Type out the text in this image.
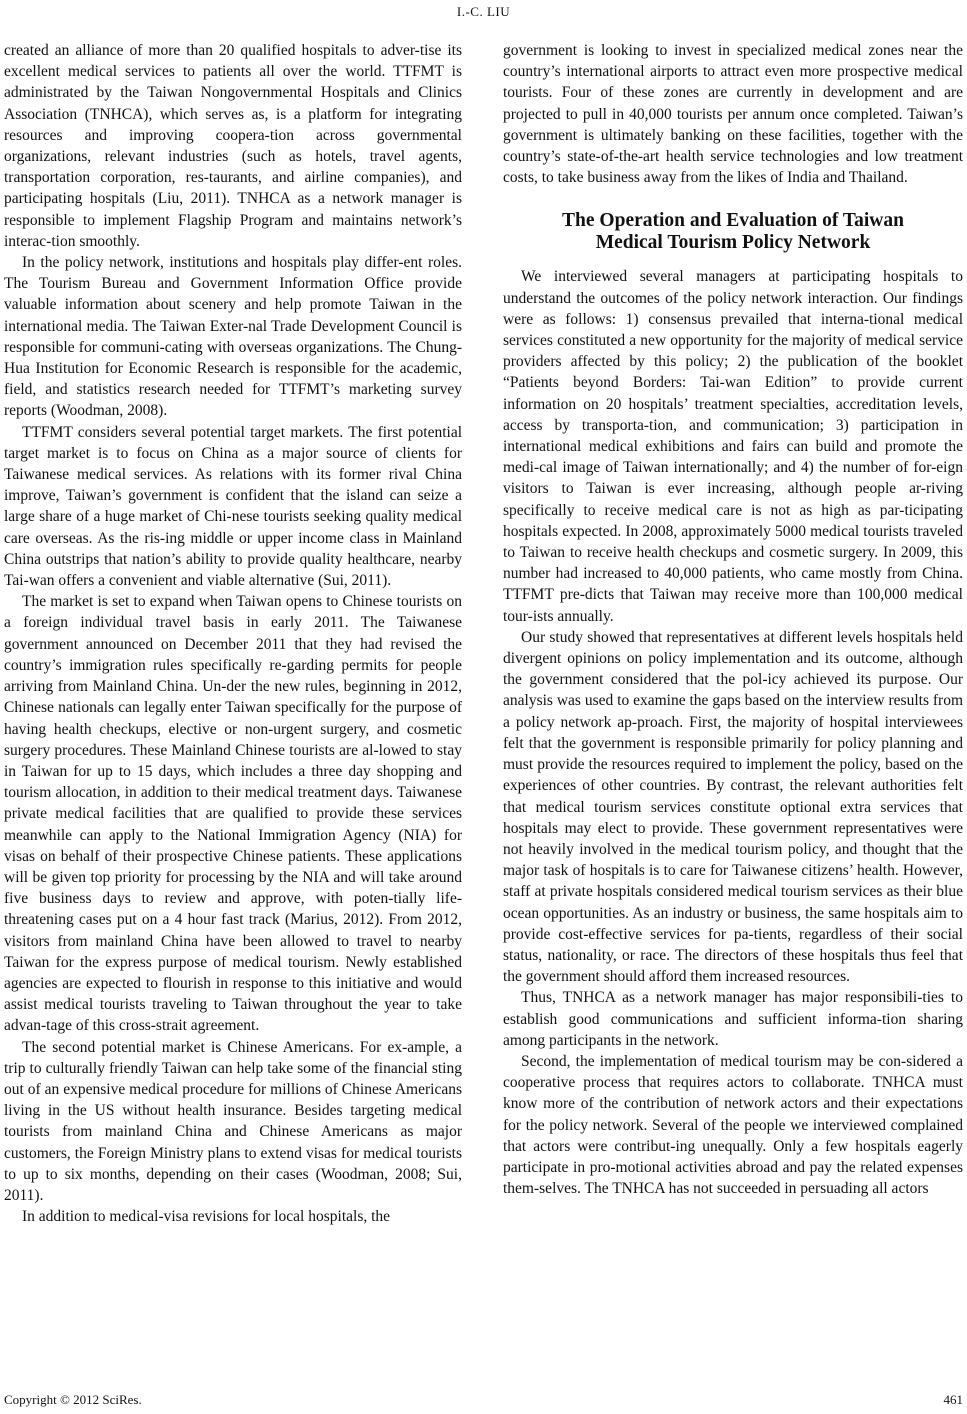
I.-C. LIU

created an alliance of more than 20 qualified hospitals to adver-tise its excellent medical services to patients all over the world. TTFMT is administrated by the Taiwan Nongovernmental Hospitals and Clinics Association (TNHCA), which serves as, is a platform for integrating resources and improving coopera-tion across governmental organizations, relevant industries (such as hotels, travel agents, transportation corporation, res-taurants, and airline companies), and participating hospitals (Liu, 2011). TNHCA as a network manager is responsible to implement Flagship Program and maintains network’s interac-tion smoothly.

In the policy network, institutions and hospitals play differ-ent roles. The Tourism Bureau and Government Information Office provide valuable information about scenery and help promote Taiwan in the international media. The Taiwan Exter-nal Trade Development Council is responsible for communi-cating with overseas organizations. The Chung-Hua Institution for Economic Research is responsible for the academic, field, and statistics research needed for TTFMT’s marketing survey reports (Woodman, 2008).

TTFMT considers several potential target markets. The first potential target market is to focus on China as a major source of clients for Taiwanese medical services. As relations with its former rival China improve, Taiwan’s government is confident that the island can seize a large share of a huge market of Chi-nese tourists seeking quality medical care overseas. As the ris-ing middle or upper income class in Mainland China outstrips that nation’s ability to provide quality healthcare, nearby Tai-wan offers a convenient and viable alternative (Sui, 2011).

The market is set to expand when Taiwan opens to Chinese tourists on a foreign individual travel basis in early 2011. The Taiwanese government announced on December 2011 that they had revised the country’s immigration rules specifically re-garding permits for people arriving from Mainland China. Un-der the new rules, beginning in 2012, Chinese nationals can legally enter Taiwan specifically for the purpose of having health checkups, elective or non-urgent surgery, and cosmetic surgery procedures. These Mainland Chinese tourists are al-lowed to stay in Taiwan for up to 15 days, which includes a three day shopping and tourism allocation, in addition to their medical treatment days. Taiwanese private medical facilities that are qualified to provide these services meanwhile can apply to the National Immigration Agency (NIA) for visas on behalf of their prospective Chinese patients. These applications will be given top priority for processing by the NIA and will take around five business days to review and approve, with poten-tially life-threatening cases put on a 4 hour fast track (Marius, 2012). From 2012, visitors from mainland China have been allowed to travel to nearby Taiwan for the express purpose of medical tourism. Newly established agencies are expected to flourish in response to this initiative and would assist medical tourists traveling to Taiwan throughout the year to take advan-tage of this cross-strait agreement.

The second potential market is Chinese Americans. For ex-ample, a trip to culturally friendly Taiwan can help take some of the financial sting out of an expensive medical procedure for millions of Chinese Americans living in the US without health insurance. Besides targeting medical tourists from mainland China and Chinese Americans as major customers, the Foreign Ministry plans to extend visas for medical tourists to up to six months, depending on their cases (Woodman, 2008; Sui, 2011).

In addition to medical-visa revisions for local hospitals, the

government is looking to invest in specialized medical zones near the country’s international airports to attract even more prospective medical tourists. Four of these zones are currently in development and are projected to pull in 40,000 tourists per annum once completed. Taiwan’s government is ultimately banking on these facilities, together with the country’s state-of-the-art health service technologies and low treatment costs, to take business away from the likes of India and Thailand.

The Operation and Evaluation of Taiwan
Medical Tourism Policy Network

We interviewed several managers at participating hospitals to understand the outcomes of the policy network interaction. Our findings were as follows: 1) consensus prevailed that interna-tional medical services constituted a new opportunity for the majority of medical service providers affected by this policy; 2) the publication of the booklet “Patients beyond Borders: Tai-wan Edition” to provide current information on 20 hospitals’ treatment specialties, accreditation levels, access by transporta-tion, and communication; 3) participation in international medical exhibitions and fairs can build and promote the medi-cal image of Taiwan internationally; and 4) the number of for-eign visitors to Taiwan is ever increasing, although people ar-riving specifically to receive medical care is not as high as par-ticipating hospitals expected. In 2008, approximately 5000 medical tourists traveled to Taiwan to receive health checkups and cosmetic surgery. In 2009, this number had increased to 40,000 patients, who came mostly from China. TTFMT pre-dicts that Taiwan may receive more than 100,000 medical tour-ists annually.

Our study showed that representatives at different levels hospitals held divergent opinions on policy implementation and its outcome, although the government considered that the pol-icy achieved its purpose. Our analysis was used to examine the gaps based on the interview results from a policy network ap-proach. First, the majority of hospital interviewees felt that the government is responsible primarily for policy planning and must provide the resources required to implement the policy, based on the experiences of other countries. By contrast, the relevant authorities felt that medical tourism services constitute optional extra services that hospitals may elect to provide. These government representatives were not heavily involved in the medical tourism policy, and thought that the major task of hospitals is to care for Taiwanese citizens’ health. However, staff at private hospitals considered medical tourism services as their blue ocean opportunities. As an industry or business, the same hospitals aim to provide cost-effective services for pa-tients, regardless of their social status, nationality, or race. The directors of these hospitals thus feel that the government should afford them increased resources.

Thus, TNHCA as a network manager has major responsibili-ties to establish good communications and sufficient informa-tion sharing among participants in the network.

Second, the implementation of medical tourism may be con-sidered a cooperative process that requires actors to collaborate. TNHCA must know more of the contribution of network actors and their expectations for the policy network. Several of the people we interviewed complained that actors were contribut-ing unequally. Only a few hospitals eagerly participate in pro-motional activities abroad and pay the related expenses them-selves. The TNHCA has not succeeded in persuading all actors

Copyright © 2012 SciRes.	461
